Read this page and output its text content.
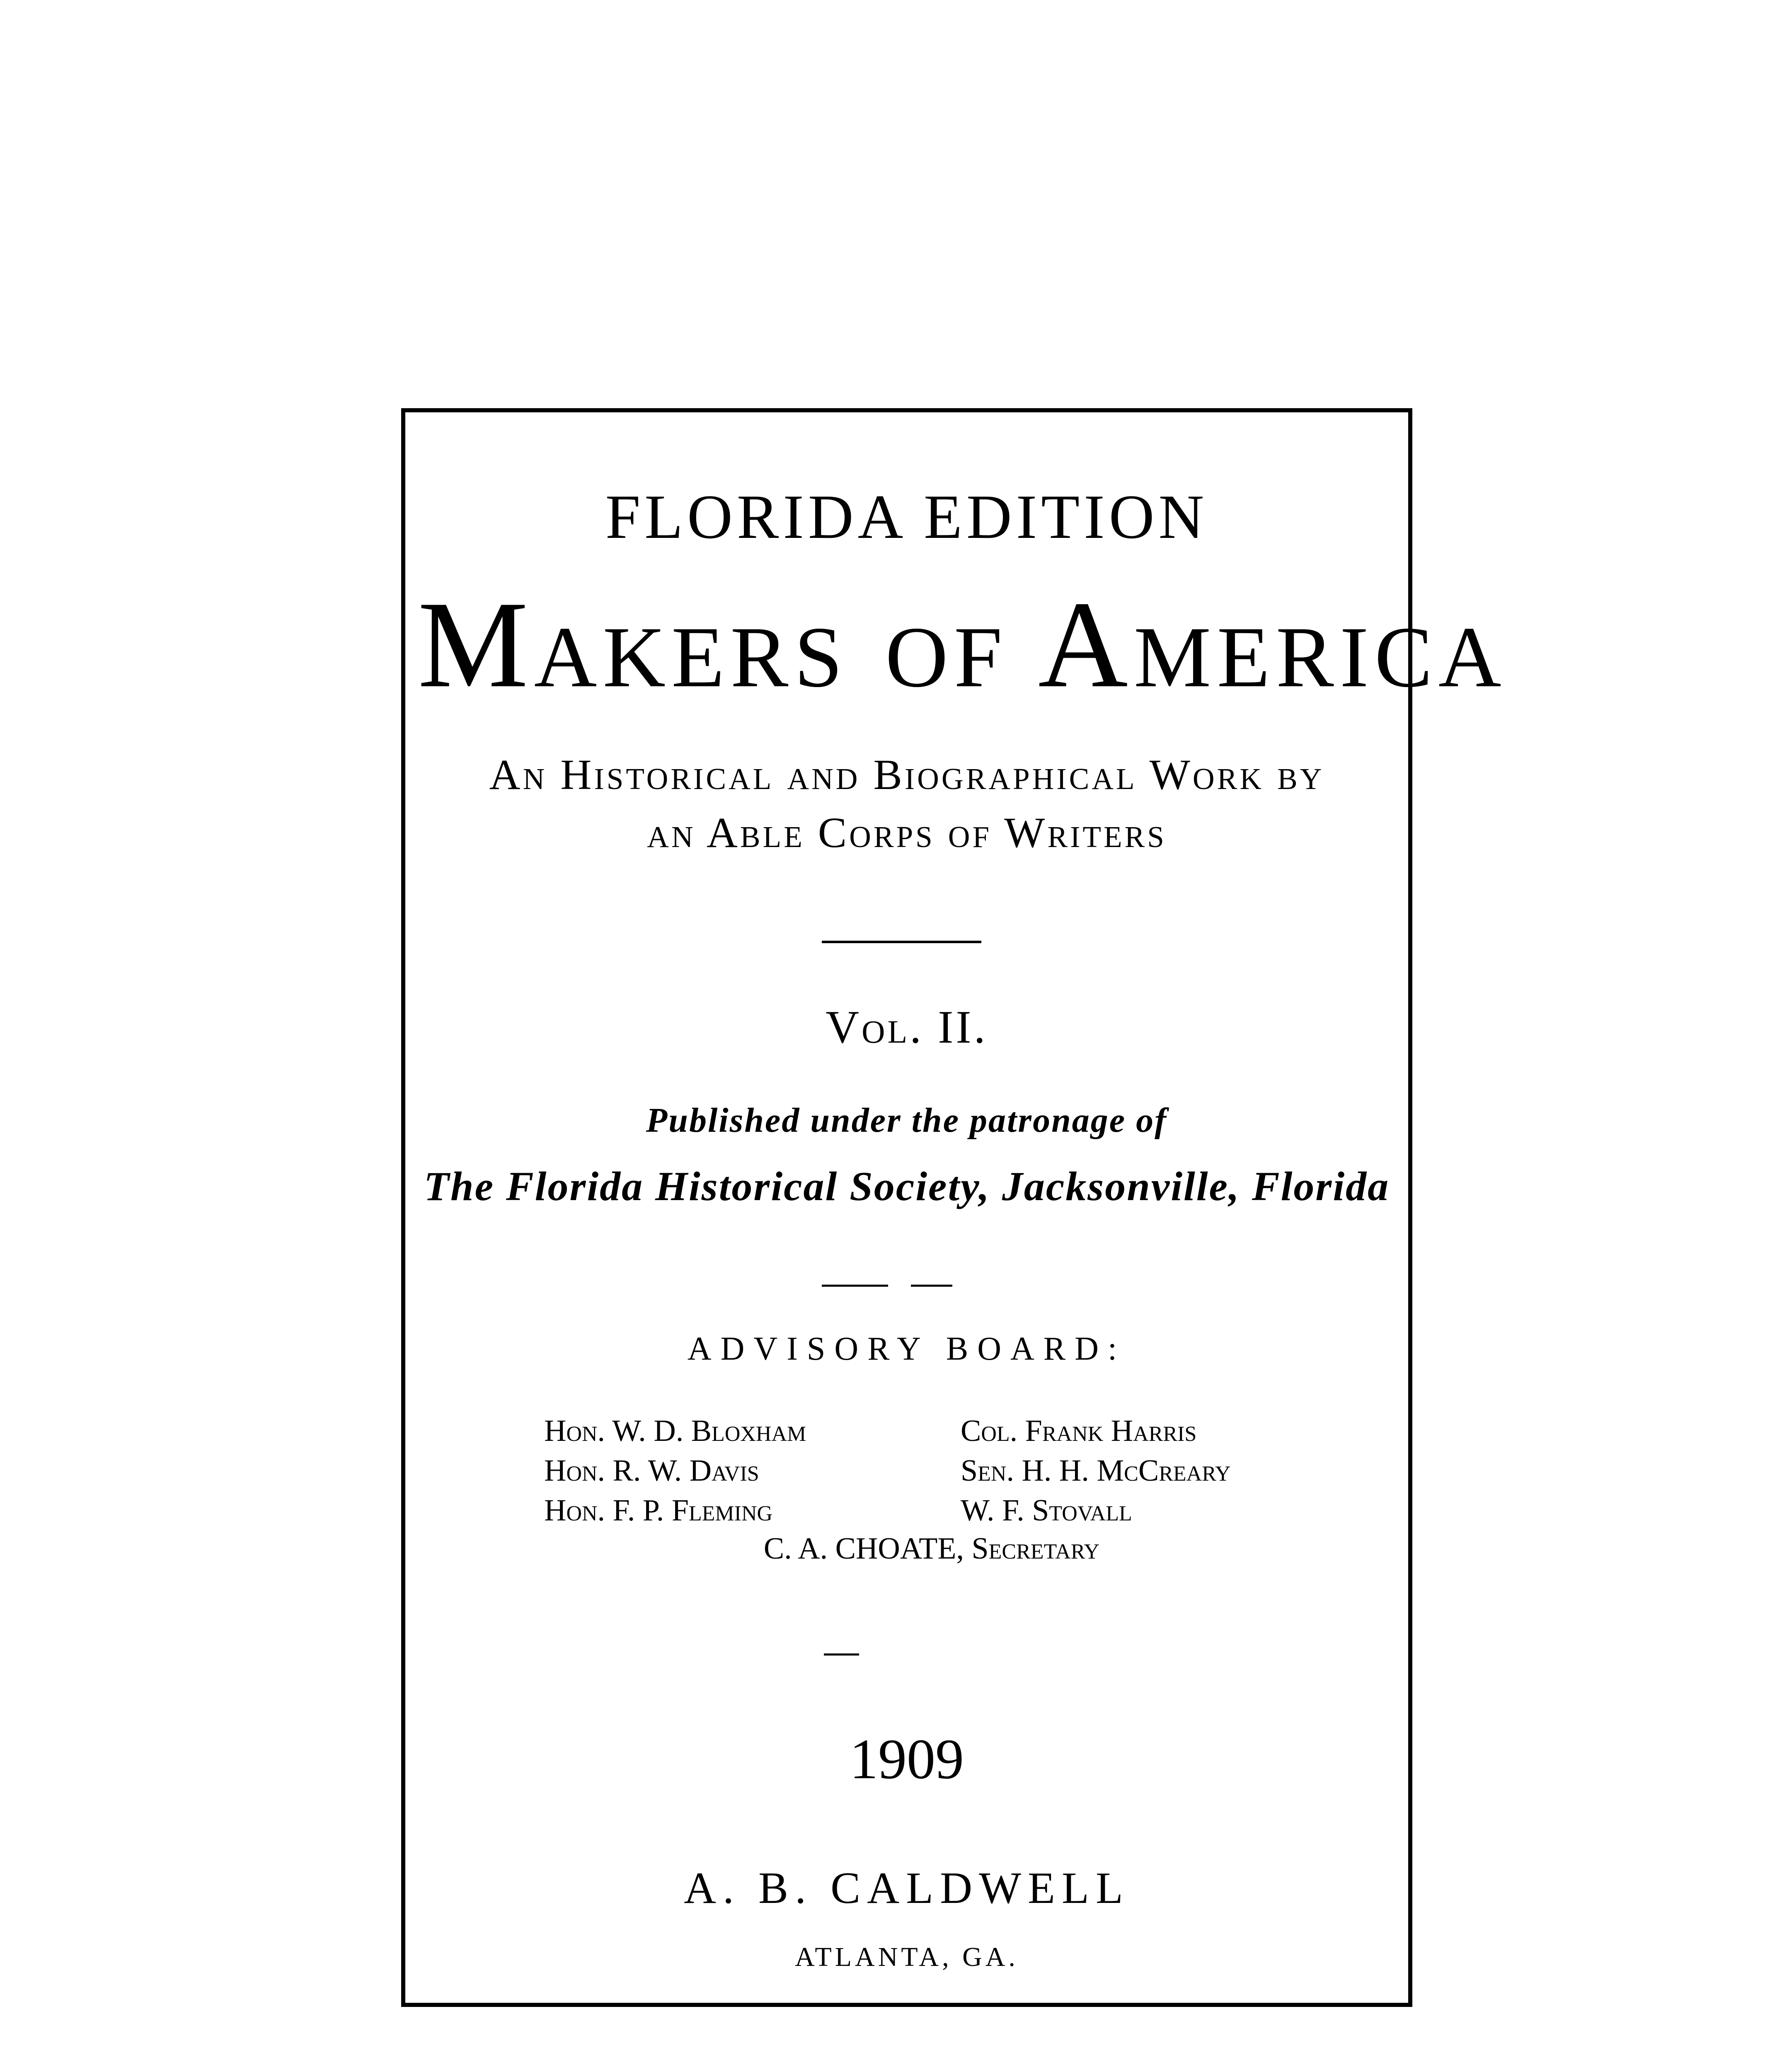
FLORIDA EDITION
Makers of America
An Historical and Biographical Work by
an Able Corps of Writers
Vol. II.
Published under the patronage of
The Florida Historical Society, Jacksonville, Florida
ADVISORY BOARD:
Hon. W. D. Bloxham
Hon. R. W. Davis
Hon. F. P. Fleming
Col. Frank Harris
Sen. H. H. McCreary
W. F. Stovall
C. A. CHOATE, Secretary
1909
A. B. CALDWELL
ATLANTA, GA.
